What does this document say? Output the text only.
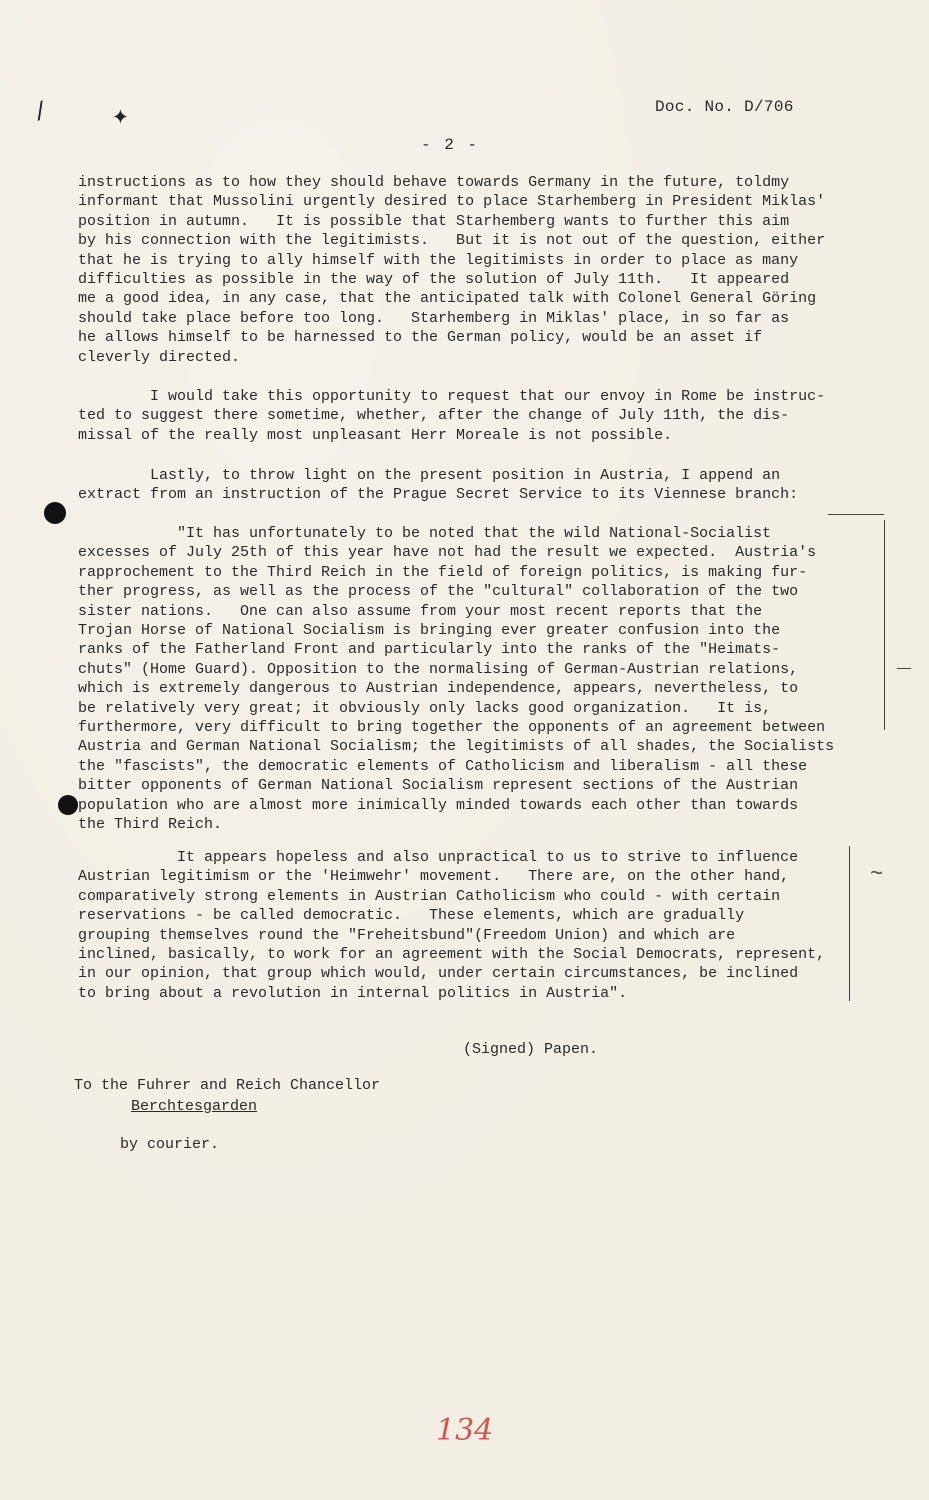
/ ✦	Doc. No. D/706
- 2 -
instructions as to how they should behave towards Germany in the future, toldmy
informant that Mussolini urgently desired to place Starhemberg in President Miklas'
position in autumn.   It is possible that Starhemberg wants to further this aim
by his connection with the legitimists.   But it is not out of the question, either
that he is trying to ally himself with the legitimists in order to place as many
difficulties as possible in the way of the solution of July 11th.   It appeared
me a good idea, in any case, that the anticipated talk with Colonel General Göring
should take place before too long.   Starhemberg in Miklas' place, in so far as
he allows himself to be harnessed to the German policy, would be an asset if
cleverly directed.
I would take this opportunity to request that our envoy in Rome be instruc-
ted to suggest there sometime, whether, after the change of July 11th, the dis-
missal of the really most unpleasant Herr Moreale is not possible.
Lastly, to throw light on the present position in Austria, I append an
extract from an instruction of the Prague Secret Service to its Viennese branch:
"It has unfortunately to be noted that the wild National-Socialist
excesses of July 25th of this year have not had the result we expected.  Austria's
rapprochement to the Third Reich in the field of foreign politics, is making fur-
ther progress, as well as the process of the "cultural" collaboration of the two
sister nations.   One can also assume from your most recent reports that the
Trojan Horse of National Socialism is bringing ever greater confusion into the
ranks of the Fatherland Front and particularly into the ranks of the "Heimats-
chuts" (Home Guard). Opposition to the normalising of German-Austrian relations,
which is extremely dangerous to Austrian independence, appears, nevertheless, to
be relatively very great; it obviously only lacks good organization.   It is,
furthermore, very difficult to bring together the opponents of an agreement between
Austria and German National Socialism; the legitimists of all shades, the Socialists
the "fascists", the democratic elements of Catholicism and liberalism - all these
bitter opponents of German National Socialism represent sections of the Austrian
population who are almost more inimically minded towards each other than towards
the Third Reich.
It appears hopeless and also unpractical to us to strive to influence
Austrian legitimism or the 'Heimwehr' movement.   There are, on the other hand,
comparatively strong elements in Austrian Catholicism who could - with certain
reservations - be called democratic.   These elements, which are gradually
grouping themselves round the "Freheitsbund"(Freedom Union) and which are
inclined, basically, to work for an agreement with the Social Democrats, represent,
in our opinion, that group which would, under certain circumstances, be inclined
to bring about a revolution in internal politics in Austria".
~
(Signed) Papen.
To the Fuhrer and Reich Chancellor
Berchtesgarden
by courier.
134
